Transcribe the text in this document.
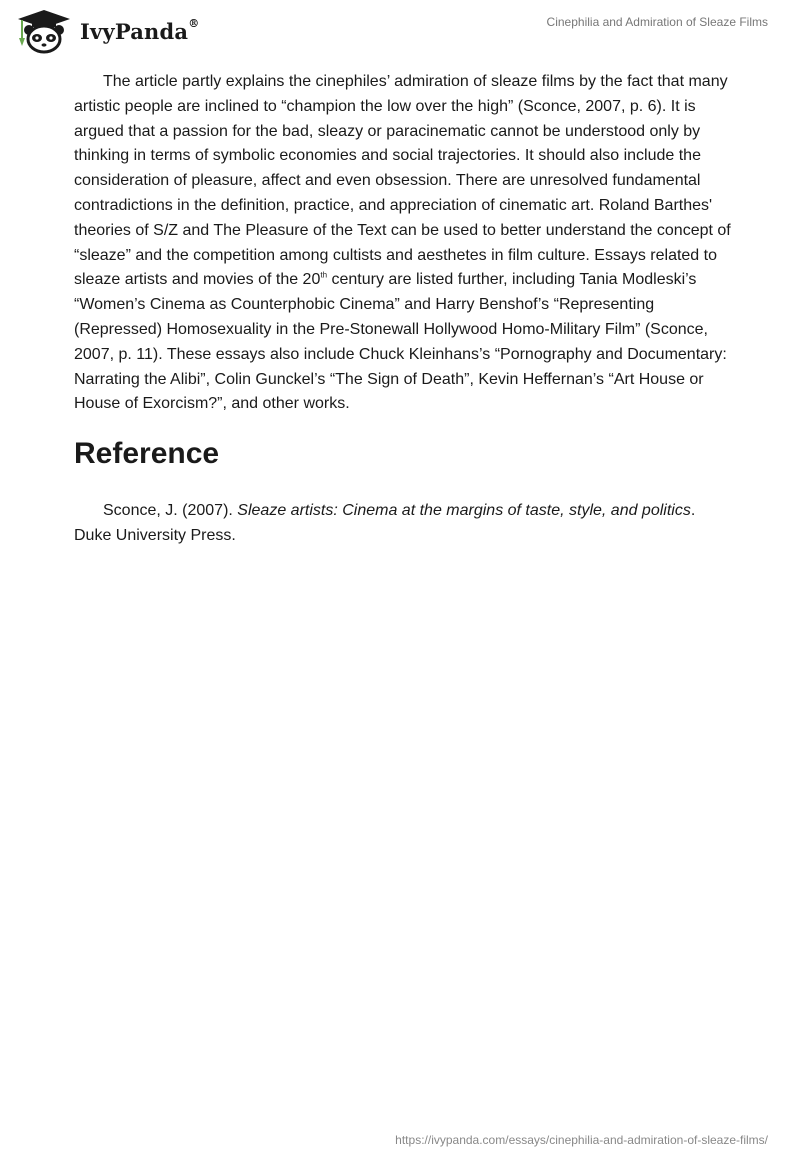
IvyPanda®	Cinephilia and Admiration of Sleaze Films

The article partly explains the cinephiles’ admiration of sleaze films by the fact that many artistic people are inclined to “champion the low over the high” (Sconce, 2007, p. 6). It is argued that a passion for the bad, sleazy or paracinematic cannot be understood only by thinking in terms of symbolic economies and social trajectories. It should also include the consideration of pleasure, affect and even obsession. There are unresolved fundamental contradictions in the definition, practice, and appreciation of cinematic art. Roland Barthes' theories of S/Z and The Pleasure of the Text can be used to better understand the concept of “sleaze” and the competition among cultists and aesthetes in film culture. Essays related to sleaze artists and movies of the 20th century are listed further, including Tania Modleski’s “Women’s Cinema as Counterphobic Cinema” and Harry Benshof’s “Representing (Repressed) Homosexuality in the Pre-Stonewall Hollywood Homo-Military Film” (Sconce, 2007, p. 11). These essays also include Chuck Kleinhans’s “Pornography and Documentary: Narrating the Alibi”, Colin Gunckel’s “The Sign of Death”, Kevin Heffernan’s “Art House or House of Exorcism?”, and other works.

Reference

Sconce, J. (2007). Sleaze artists: Cinema at the margins of taste, style, and politics. Duke University Press.

https://ivypanda.com/essays/cinephilia-and-admiration-of-sleaze-films/
